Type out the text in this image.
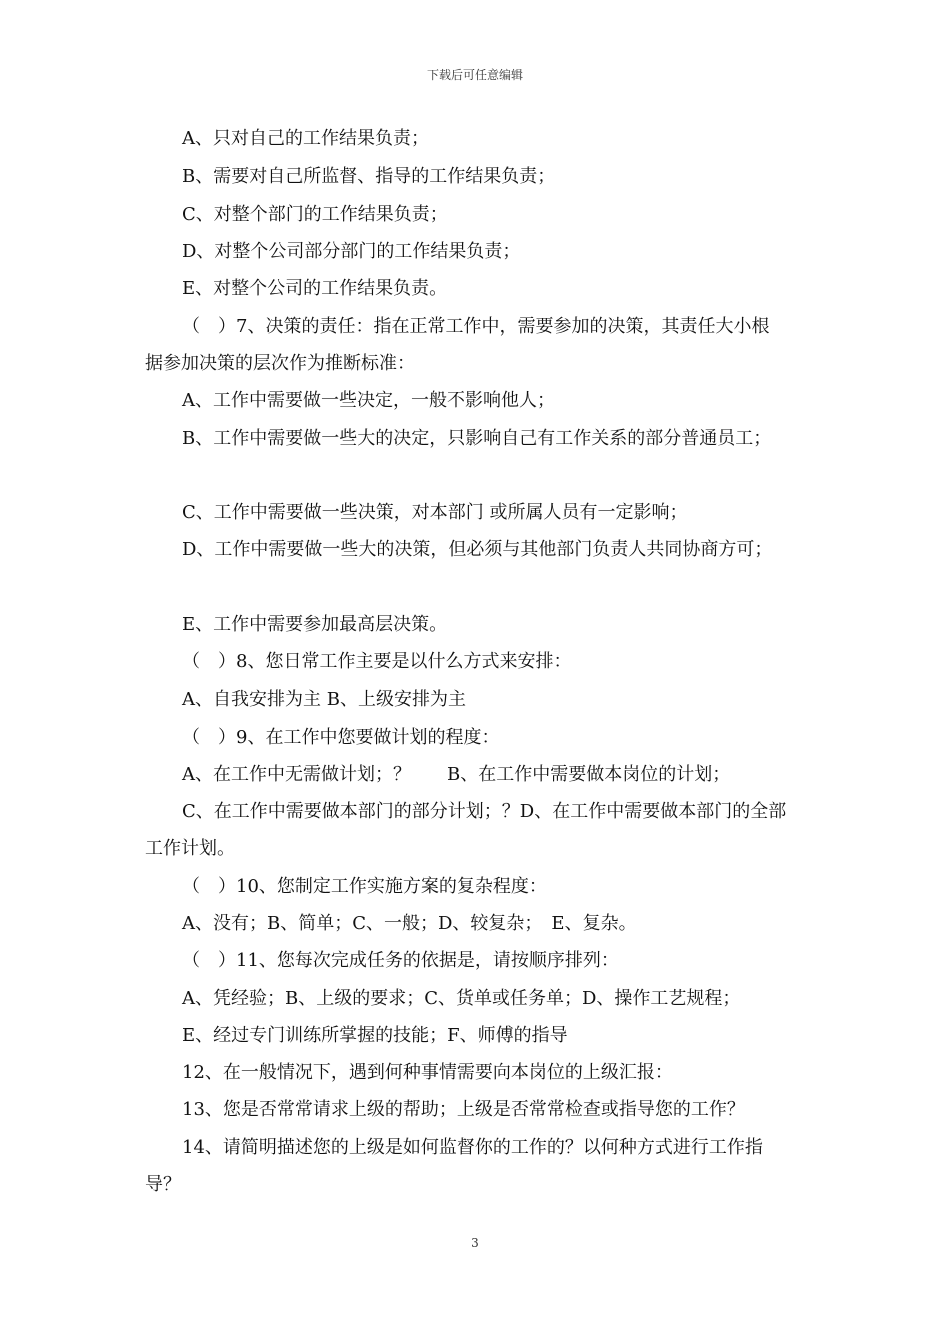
下载后可任意编辑
A、只对自己的工作结果负责；
B、需要对自己所监督、指导的工作结果负责；
C、对整个部门的工作结果负责；
D、对整个公司部分部门的工作结果负责；
E、对整个公司的工作结果负责。
（　）7、决策的责任：指在正常工作中，需要参加的决策，其责任大小根
据参加决策的层次作为推断标准：
A、工作中需要做一些决定，一般不影响他人；
B、工作中需要做一些大的决定，只影响自己有工作关系的部分普通员工；
C、工作中需要做一些决策，对本部门 或所属人员有一定影响；
D、工作中需要做一些大的决策，但必须与其他部门负责人共同协商方可；
E、工作中需要参加最高层决策。
（　）8、您日常工作主要是以什么方式来安排：
A、自我安排为主 B、上级安排为主
（　）9、在工作中您要做计划的程度：
A、在工作中无需做计划；？　　B、在工作中需要做本岗位的计划；
C、在工作中需要做本部门的部分计划；？D、在工作中需要做本部门的全部
工作计划。
（　）10、您制定工作实施方案的复杂程度：
A、没有；B、简单；C、一般；D、较复杂；　E、复杂。
（　）11、您每次完成任务的依据是，请按顺序排列：
A、凭经验；B、上级的要求；C、货单或任务单；D、操作工艺规程；
E、经过专门训练所掌握的技能；F、师傅的指导
12、在一般情况下，遇到何种事情需要向本岗位的上级汇报：
13、您是否常常请求上级的帮助；上级是否常常检查或指导您的工作？
14、请简明描述您的上级是如何监督你的工作的？以何种方式进行工作指
导？
3
